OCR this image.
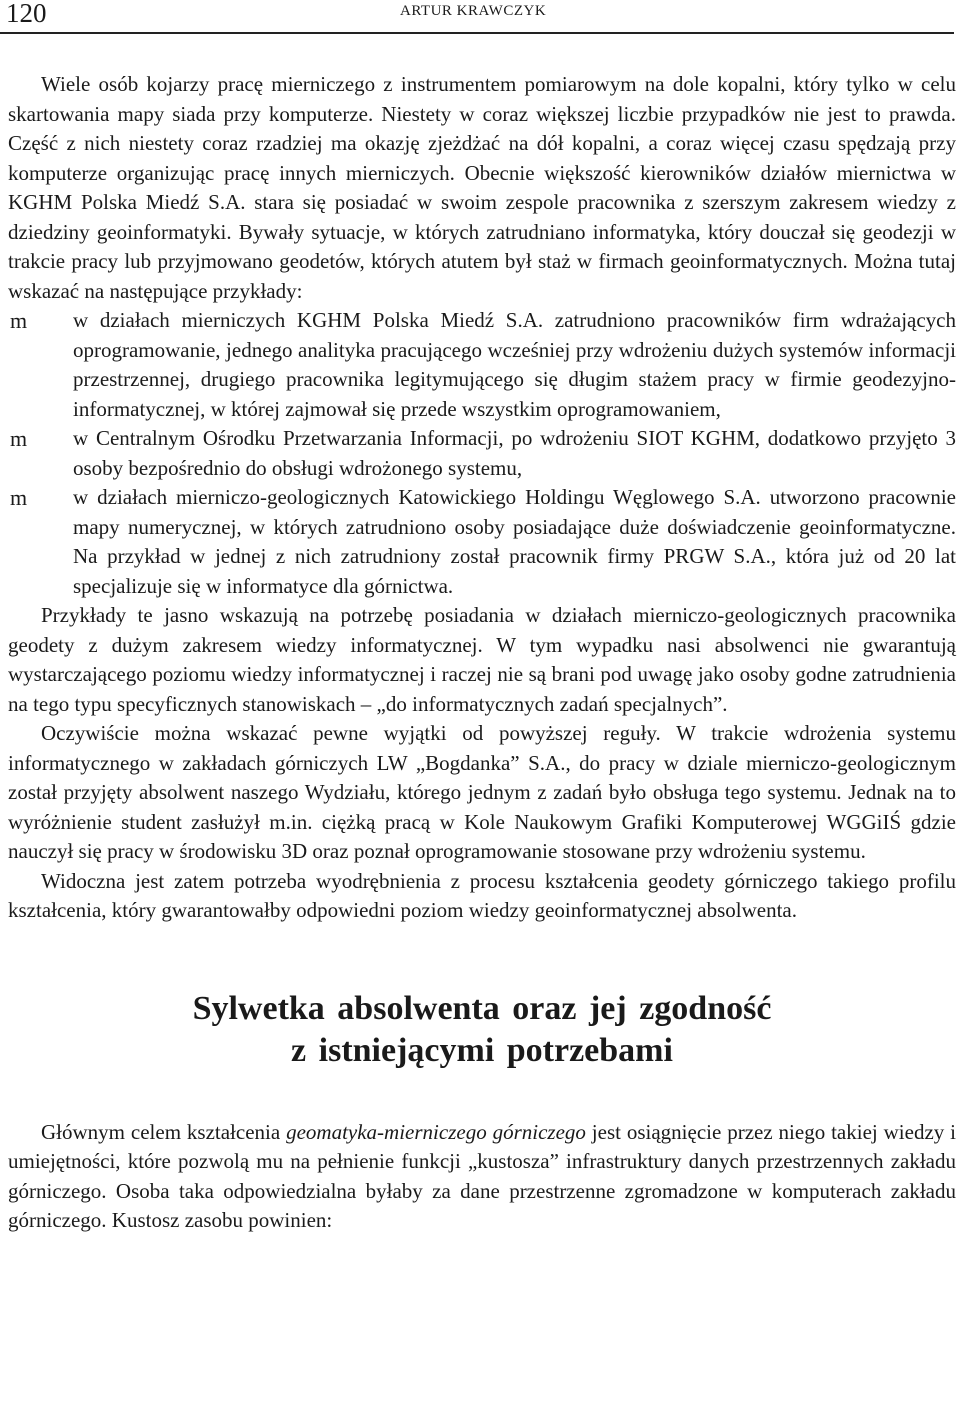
120	ARTUR KRAWCZYK

Wiele osób kojarzy pracę mierniczego z instrumentem pomiarowym na dole kopalni, który tylko w celu skartowania mapy siada przy komputerze. Niestety w coraz większej liczbie przypadków nie jest to prawda. Część z nich niestety coraz rzadziej ma okazję zjeżdżać na dół kopalni, a coraz więcej czasu spędzają przy komputerze organizując pracę innych mierniczych. Obecnie większość kierowników działów miernictwa w KGHM Polska Miedź S.A. stara się posiadać w swoim zespole pracownika z szerszym zakresem wiedzy z dziedziny geoinformatyki. Bywały sytuacje, w których zatrudniano informatyka, który douczał się geodezji w trakcie pracy lub przyjmowano geodetów, których atutem był staż w firmach geoinformatycznych. Można tutaj wskazać na następujące przykłady:

m w działach mierniczych KGHM Polska Miedź S.A. zatrudniono pracowników firm wdrażających oprogramowanie, jednego analityka pracującego wcześniej przy wdrożeniu dużych systemów informacji przestrzennej, drugiego pracownika legitymującego się długim stażem pracy w firmie geodezyjno-informatycznej, w której zajmował się przede wszystkim oprogramowaniem,
m w Centralnym Ośrodku Przetwarzania Informacji, po wdrożeniu SIOT KGHM, dodatkowo przyjęto 3 osoby bezpośrednio do obsługi wdrożonego systemu,
m w działach mierniczo-geologicznych Katowickiego Holdingu Węglowego S.A. utworzono pracownie mapy numerycznej, w których zatrudniono osoby posiadające duże doświadczenie geoinformatyczne. Na przykład w jednej z nich zatrudniony został pracownik firmy PRGW S.A., która już od 20 lat specjalizuje się w informatyce dla górnictwa.

Przykłady te jasno wskazują na potrzebę posiadania w działach mierniczo-geologicznych pracownika geodety z dużym zakresem wiedzy informatycznej. W tym wypadku nasi absolwenci nie gwarantują wystarczającego poziomu wiedzy informatycznej i raczej nie są brani pod uwagę jako osoby godne zatrudnienia na tego typu specyficznych stanowiskach – „do informatycznych zadań specjalnych”.

Oczywiście można wskazać pewne wyjątki od powyższej reguły. W trakcie wdrożenia systemu informatycznego w zakładach górniczych LW „Bogdanka” S.A., do pracy w dziale mierniczo-geologicznym został przyjęty absolwent naszego Wydziału, którego jednym z zadań było obsługa tego systemu. Jednak na to wyróżnienie student zasłużył m.in. ciężką pracą w Kole Naukowym Grafiki Komputerowej WGGiIŚ gdzie nauczył się pracy w środowisku 3D oraz poznał oprogramowanie stosowane przy wdrożeniu systemu.

Widoczna jest zatem potrzeba wyodrębnienia z procesu kształcenia geodety górniczego takiego profilu kształcenia, który gwarantowałby odpowiedni poziom wiedzy geoinformatycznej absolwenta.

Sylwetka absolwenta oraz jej zgodność
z istniejącymi potrzebami

Głównym celem kształcenia geomatyka-mierniczego górniczego jest osiągnięcie przez niego takiej wiedzy i umiejętności, które pozwolą mu na pełnienie funkcji „kustosza” infrastruktury danych przestrzennych zakładu górniczego. Osoba taka odpowiedzialna byłaby za dane przestrzenne zgromadzone w komputerach zakładu górniczego. Kustosz zasobu powinien:
